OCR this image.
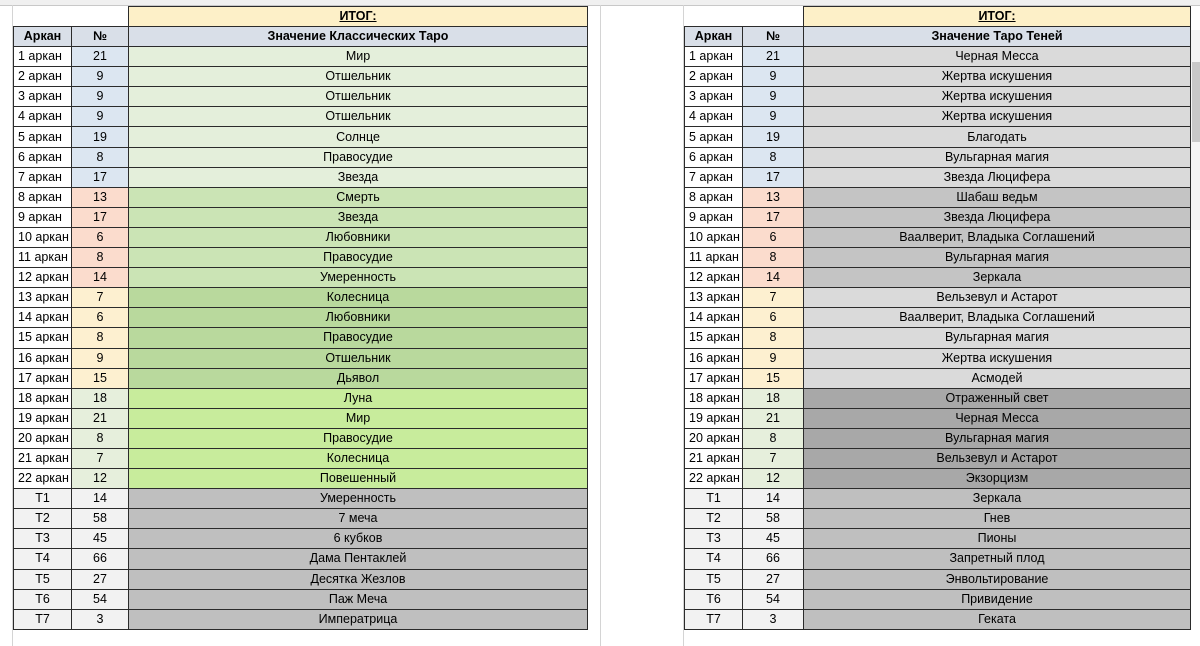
		ИТОГ:
Аркан	№	Значение Классических Таро
1 аркан	21	Мир
2 аркан	9	Отшельник
3 аркан	9	Отшельник
4 аркан	9	Отшельник
5 аркан	19	Солнце
6 аркан	8	Правосудие
7 аркан	17	Звезда
8 аркан	13	Смерть
9 аркан	17	Звезда
10 аркан	6	Любовники
11 аркан	8	Правосудие
12 аркан	14	Умеренность
13 аркан	7	Колесница
14 аркан	6	Любовники
15 аркан	8	Правосудие
16 аркан	9	Отшельник
17 аркан	15	Дьявол
18 аркан	18	Луна
19 аркан	21	Мир
20 аркан	8	Правосудие
21 аркан	7	Колесница
22 аркан	12	Повешенный
Т1	14	Умеренность
Т2	58	7 меча
Т3	45	6 кубков
Т4	66	Дама Пентаклей
Т5	27	Десятка Жезлов
Т6	54	Паж Меча
Т7	3	Императрица
		ИТОГ:
Аркан	№	Значение Таро Теней
1 аркан	21	Черная Месса
2 аркан	9	Жертва искушения
3 аркан	9	Жертва искушения
4 аркан	9	Жертва искушения
5 аркан	19	Благодать
6 аркан	8	Вульгарная магия
7 аркан	17	Звезда Люцифера
8 аркан	13	Шабаш ведьм
9 аркан	17	Звезда Люцифера
10 аркан	6	Ваалверит, Владыка Соглашений
11 аркан	8	Вульгарная магия
12 аркан	14	Зеркала
13 аркан	7	Вельзевул и Астарот
14 аркан	6	Ваалверит, Владыка Соглашений
15 аркан	8	Вульгарная магия
16 аркан	9	Жертва искушения
17 аркан	15	Асмодей
18 аркан	18	Отраженный свет
19 аркан	21	Черная Месса
20 аркан	8	Вульгарная магия
21 аркан	7	Вельзевул и Астарот
22 аркан	12	Экзорцизм
Т1	14	Зеркала
Т2	58	Гнев
Т3	45	Пионы
Т4	66	Запретный плод
Т5	27	Энвольтирование
Т6	54	Привидение
Т7	3	Геката
